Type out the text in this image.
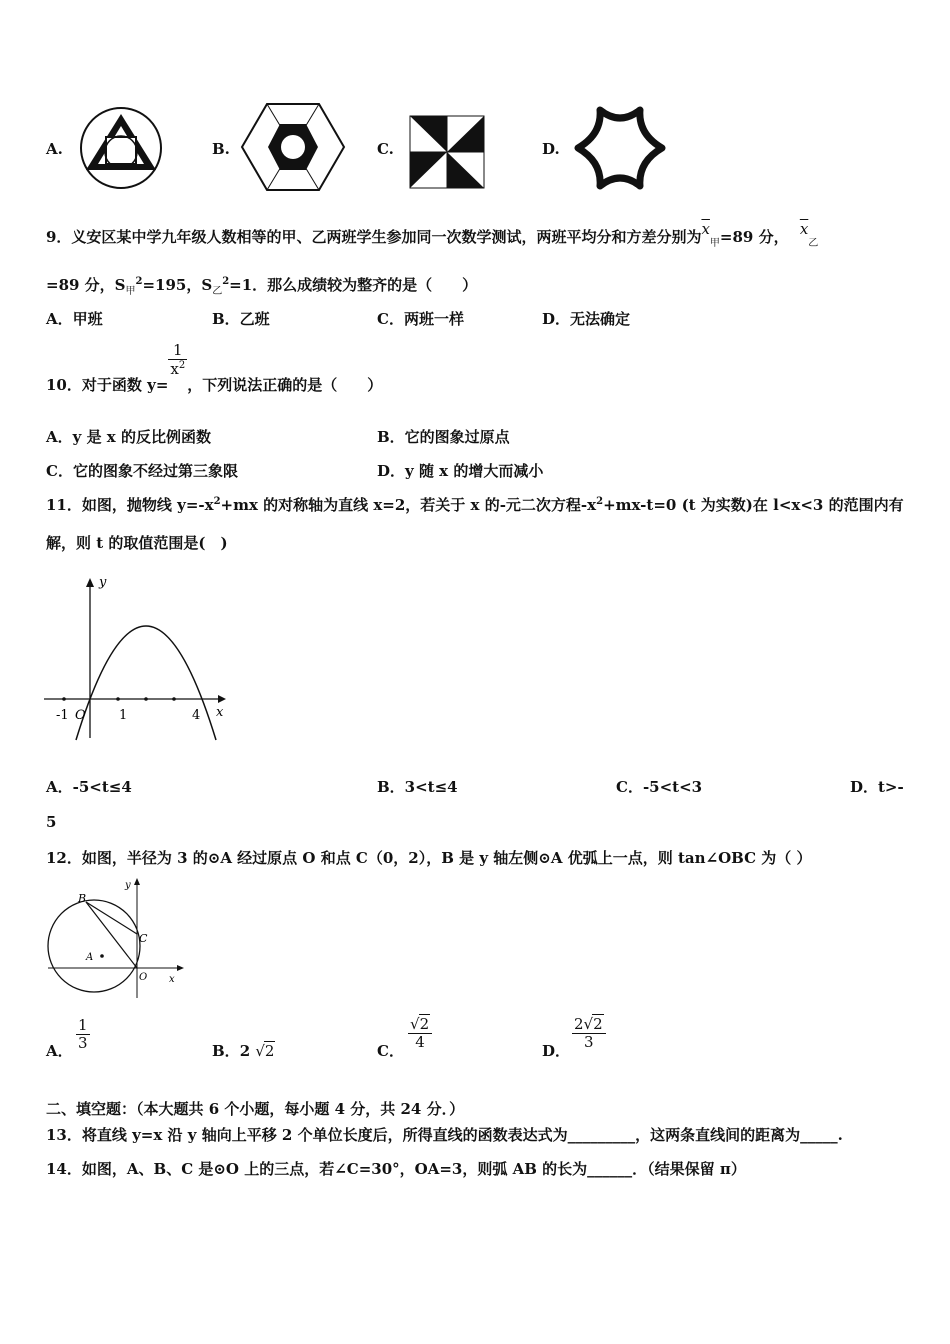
A.	B.	C.	D.
9．义安区某中学九年级人数相等的甲、乙两班学生参加同一次数学测试，两班平均分和方差分别为$\overline{x}_甲=89$ 分， $\overline{x}_乙$
=89 分，$S_甲^2=195$，$S_乙^2=1$．那么成绩较为整齐的是（　　）
A．甲班	B．乙班	C．两班一样	D．无法确定
10．对于函数 y=
$\frac{1}{x^2}$
，下列说法正确的是（　　）
A．y 是 x 的反比例函数	B．它的图象过原点
C．它的图象不经过第三象限	D．y 随 x 的增大而减小
11．如图，抛物线 $y=-x^2+mx$ 的对称轴为直线 x=2，若关于 x 的-元二次方程$-x^2+mx-t=0$ (t 为实数)在 l<x<3 的范围内有
解，则 t 的取值范围是(　)
y
x
-1 O	1	4
A．-5<t≤4	B．3<t≤4	C．-5<t<3	D．t>-
5
12．如图，半径为 3 的⊙A 经过原点 O 和点 C（0，2），B 是 y 轴左侧⊙A 优弧上一点，则 tan∠OBC 为（ ）
B
C
A
O x
y
A． $\frac{1}{3}$	B．2 √2	C．
$\frac{√2}{4}$
D．
$\frac{2√2}{3}$
二、填空题：（本大题共 6 个小题，每小题 4 分，共 24 分．）
13．将直线 y=x 沿 y 轴向上平移 2 个单位长度后，所得直线的函数表达式为_________，这两条直线间的距离为_____.
14．如图，A、B、C 是⊙O 上的三点，若∠C=30°，OA=3，则弧 AB 的长为______．（结果保留 π）
